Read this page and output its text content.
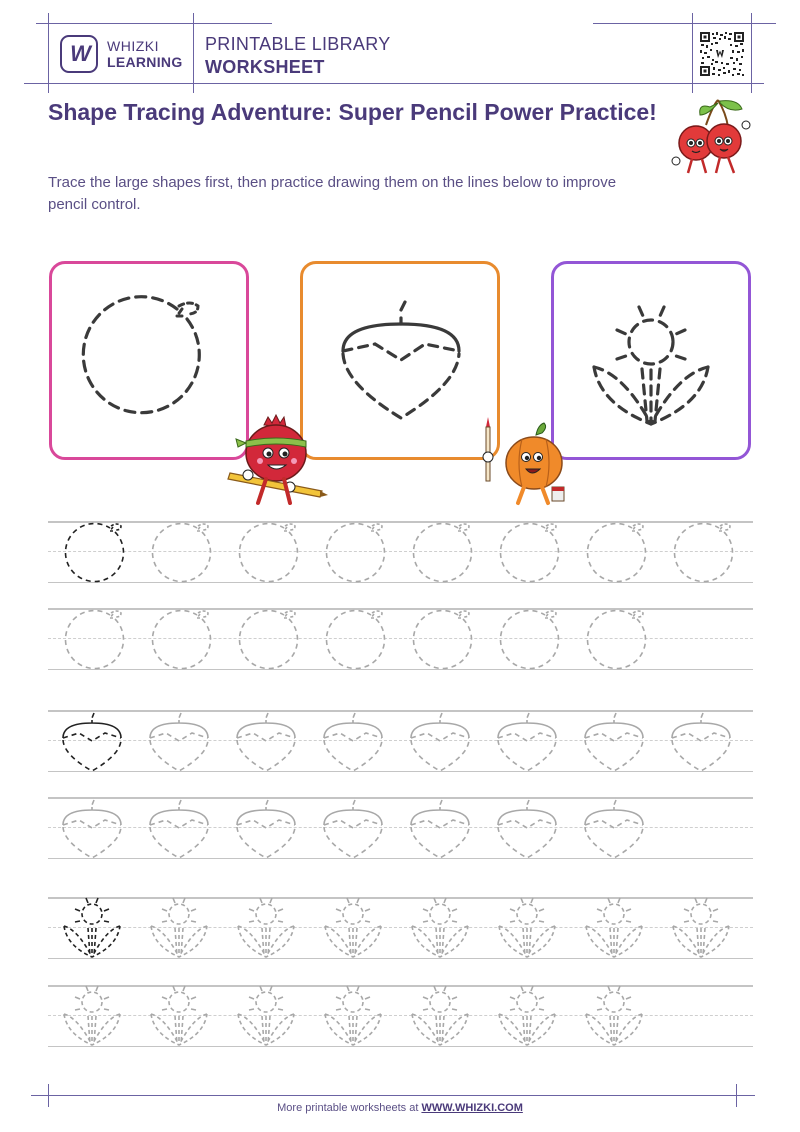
W WHIZKI
LEARNING
PRINTABLE LIBRARY
WORKSHEET
Shape Tracing Adventure: Super Pencil Power Practice!
Trace the large shapes first, then practice drawing them on the lines below to improve pencil control.
More printable worksheets at WWW.WHIZKI.COM
